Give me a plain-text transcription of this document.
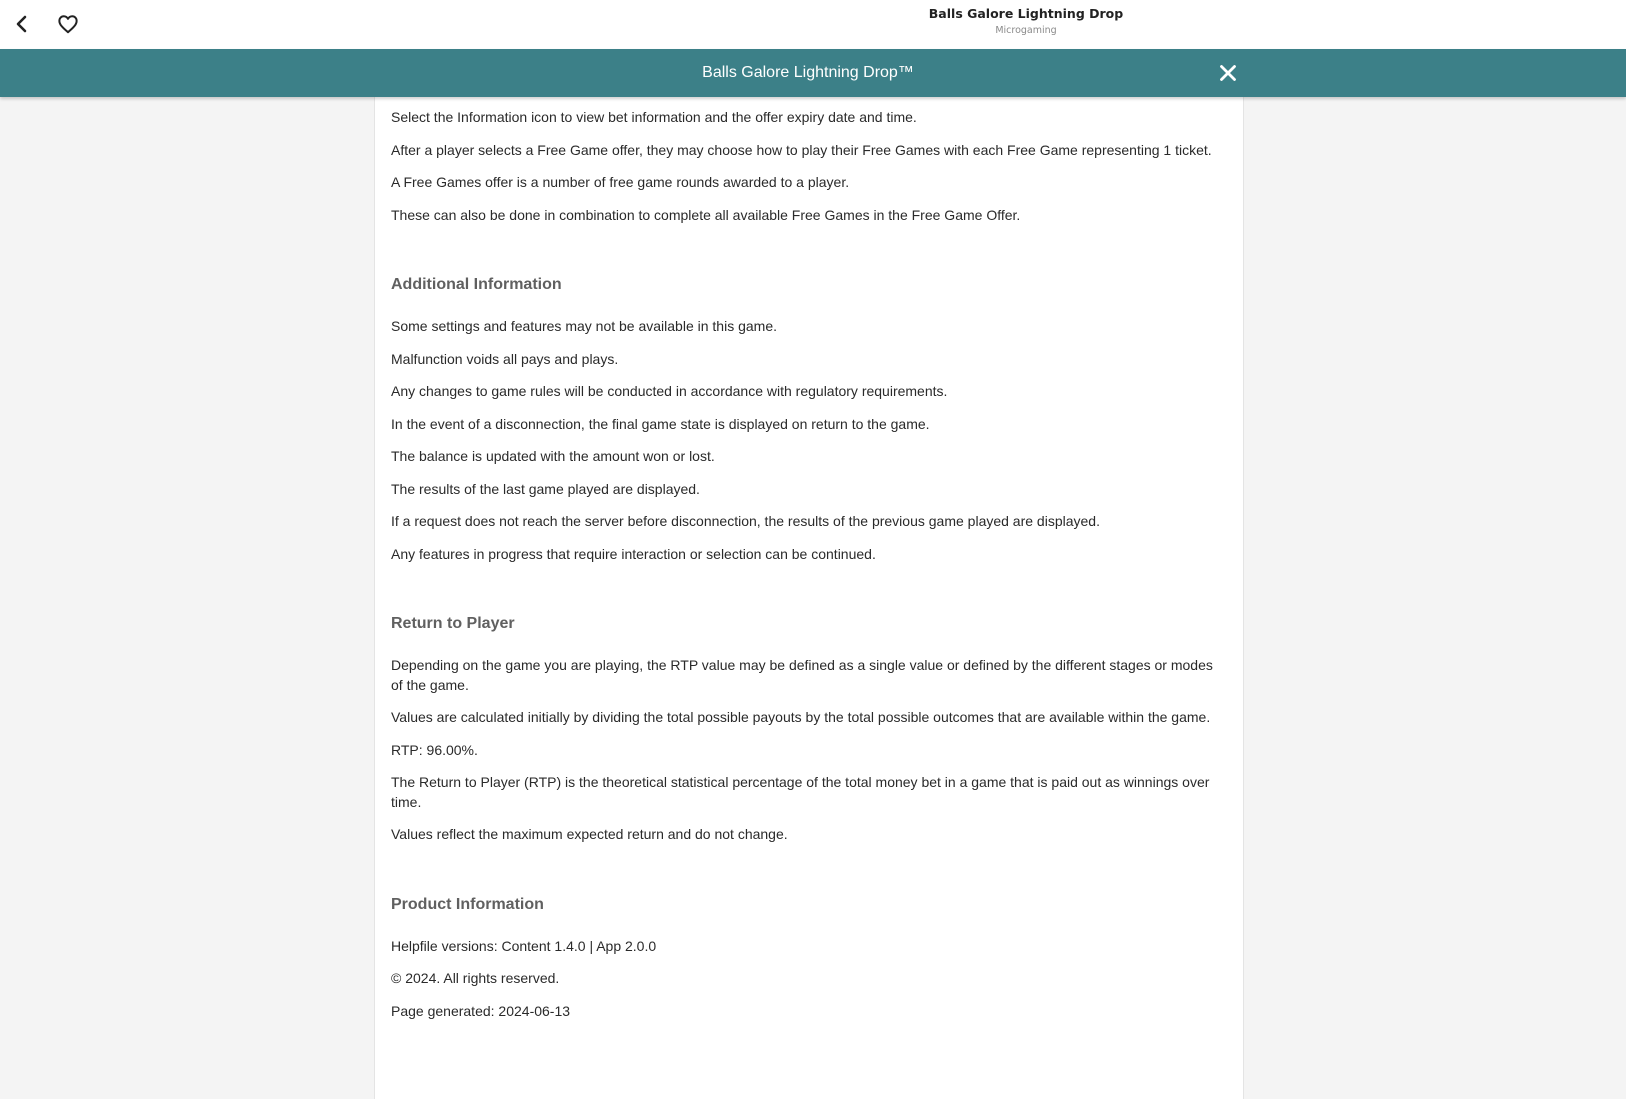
Balls Galore Lightning Drop
Microgaming
Balls Galore Lightning Drop™

Select the Information icon to view bet information and the offer expiry date and time.

After a player selects a Free Game offer, they may choose how to play their Free Games with each Free Game representing 1 ticket.

A Free Games offer is a number of free game rounds awarded to a player.

These can also be done in combination to complete all available Free Games in the Free Game Offer.

Additional Information

Some settings and features may not be available in this game.

Malfunction voids all pays and plays.

Any changes to game rules will be conducted in accordance with regulatory requirements.

In the event of a disconnection, the final game state is displayed on return to the game.

The balance is updated with the amount won or lost.

The results of the last game played are displayed.

If a request does not reach the server before disconnection, the results of the previous game played are displayed.

Any features in progress that require interaction or selection can be continued.

Return to Player

Depending on the game you are playing, the RTP value may be defined as a single value or defined by the different stages or modes of the game.

Values are calculated initially by dividing the total possible payouts by the total possible outcomes that are available within the game.

RTP: 96.00%.

The Return to Player (RTP) is the theoretical statistical percentage of the total money bet in a game that is paid out as winnings over time.

Values reflect the maximum expected return and do not change.

Product Information

Helpfile versions: Content 1.4.0 | App 2.0.0

© 2024. All rights reserved.

Page generated: 2024-06-13
